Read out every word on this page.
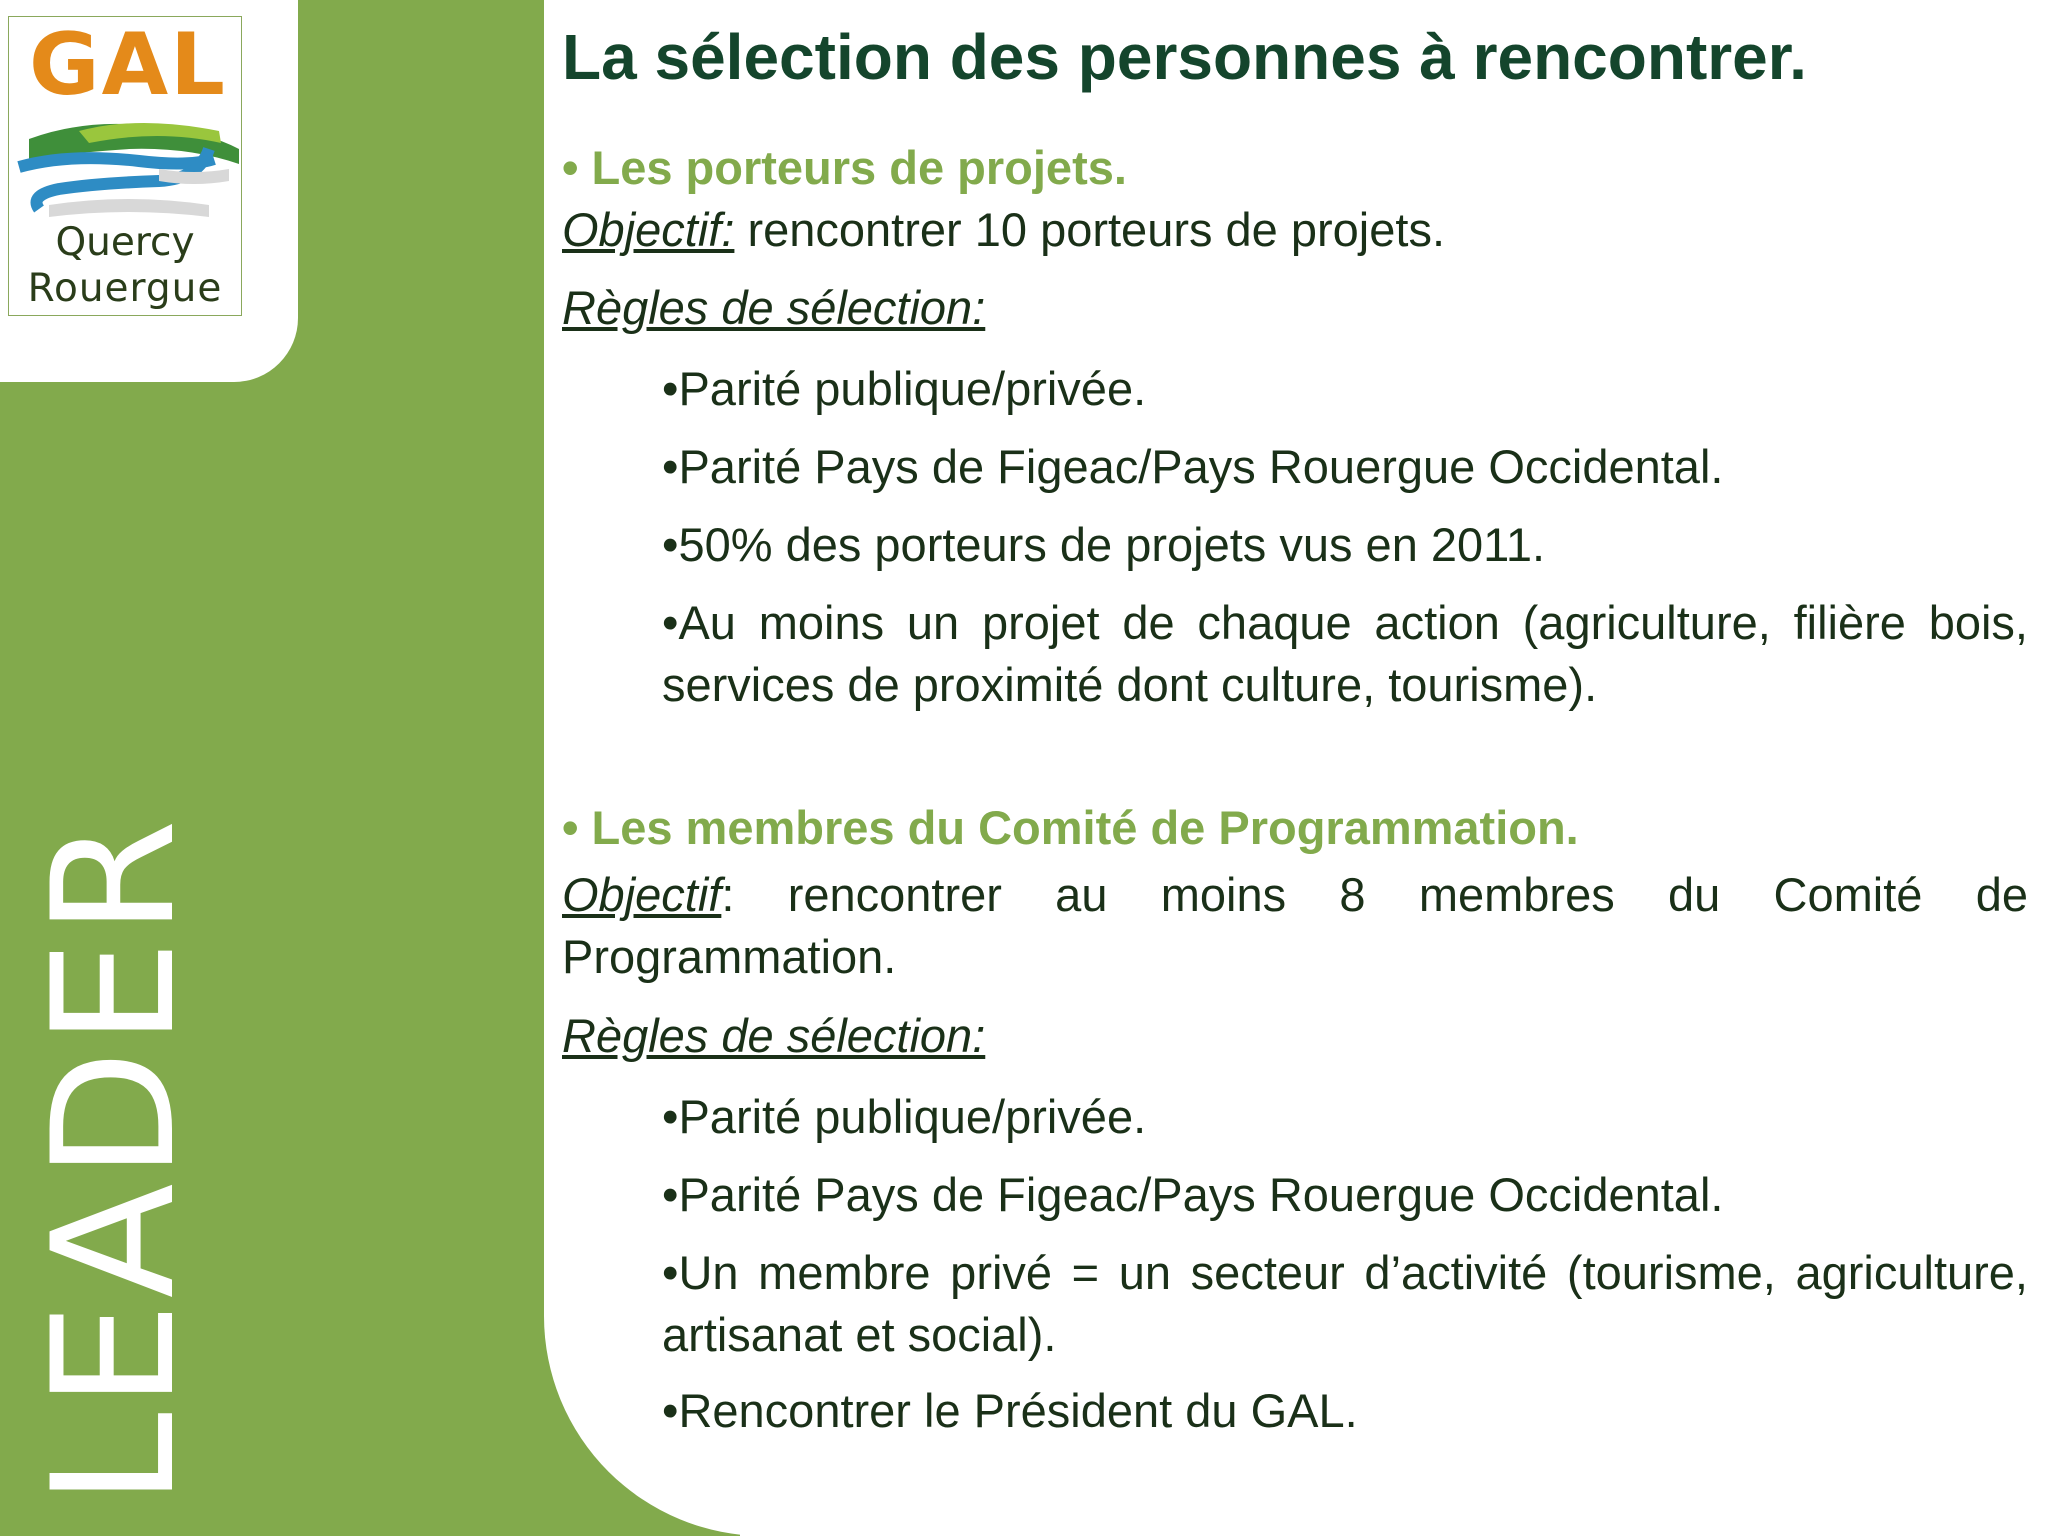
GAL
Quercy
Rouergue
LEADER
La sélection des personnes à rencontrer.
• Les porteurs de projets.
Objectif: rencontrer 10 porteurs de projets.
Règles de sélection:
•Parité publique/privée.
•Parité Pays de Figeac/Pays Rouergue Occidental.
•50% des porteurs de projets vus en 2011.
•Au moins un projet de chaque action (agriculture, filière bois, services de proximité dont culture, tourisme).
• Les membres du Comité de Programmation.
Objectif: rencontrer au moins 8 membres du Comité de Programmation.
Règles de sélection:
•Parité publique/privée.
•Parité Pays de Figeac/Pays Rouergue Occidental.
•Un membre privé = un secteur d’activité (tourisme, agriculture, artisanat et social).
•Rencontrer le Président du GAL.
